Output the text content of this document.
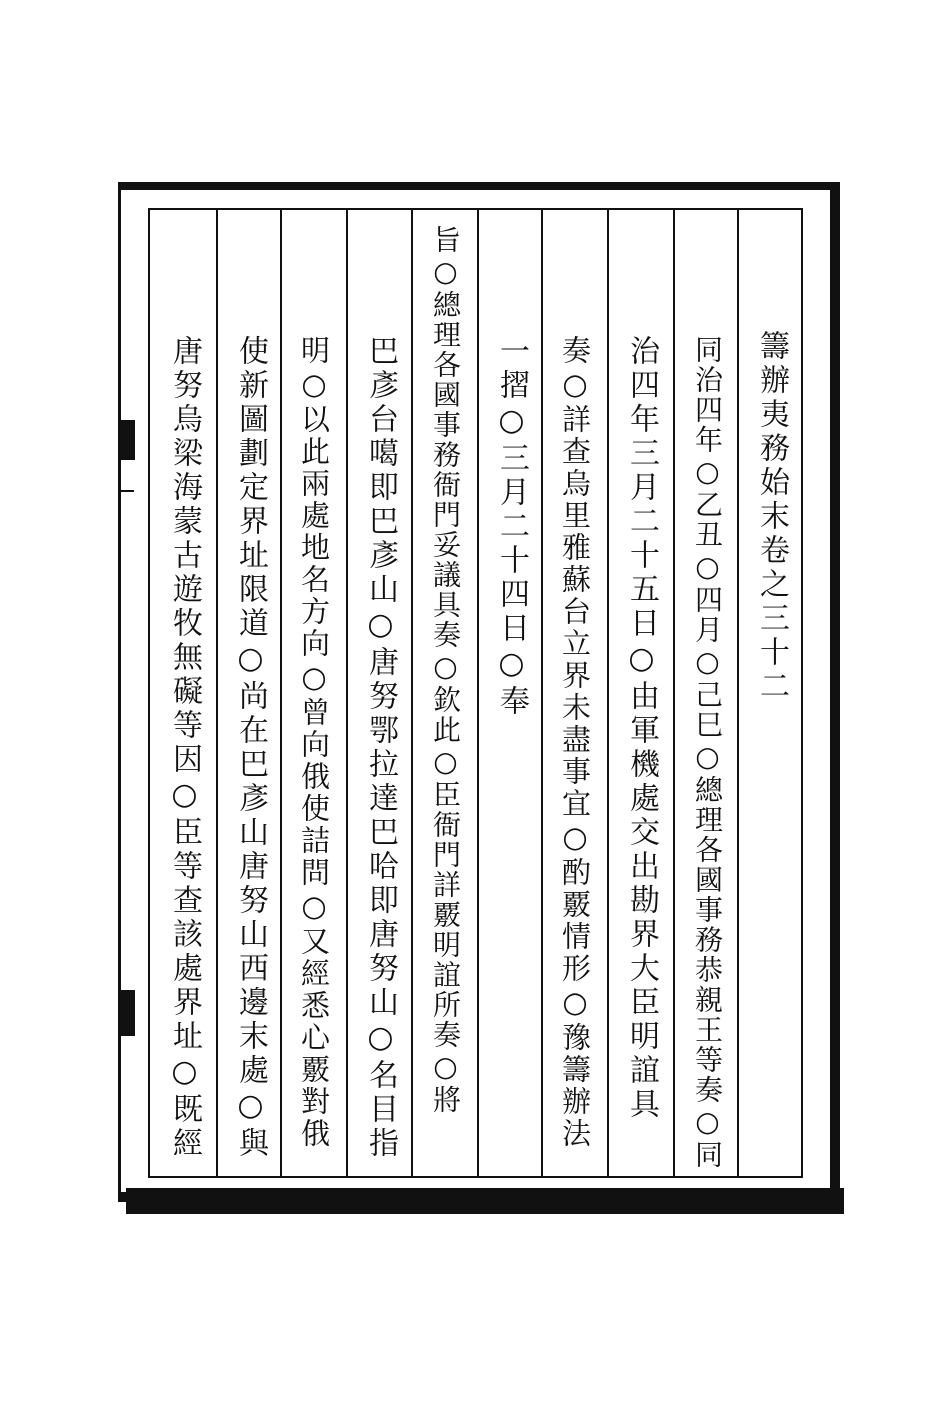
籌辦夷務始末卷之三十二
同治四年○乙丑○四月○己巳○總理各國事務恭親王等奏○同
治四年三月二十五日○由軍機處交出勘界大臣明誼具
奏○詳查烏里雅蘇台立界未盡事宜○酌覈情形○豫籌辦法
一摺○三月二十四日○奉
旨○總理各國事務衙門妥議具奏○欽此○臣衙門詳覈明誼所奏○將
巴彥台噶即巴彥山○唐努鄂拉達巴哈即唐努山○名目指
明○以此兩處地名方向○曾向俄使詰問○又經悉心覈對俄
使新圖劃定界址限道○尚在巴彥山唐努山西邊末處○與
唐努烏梁海蒙古遊牧無礙等因○臣等查該處界址○既經
